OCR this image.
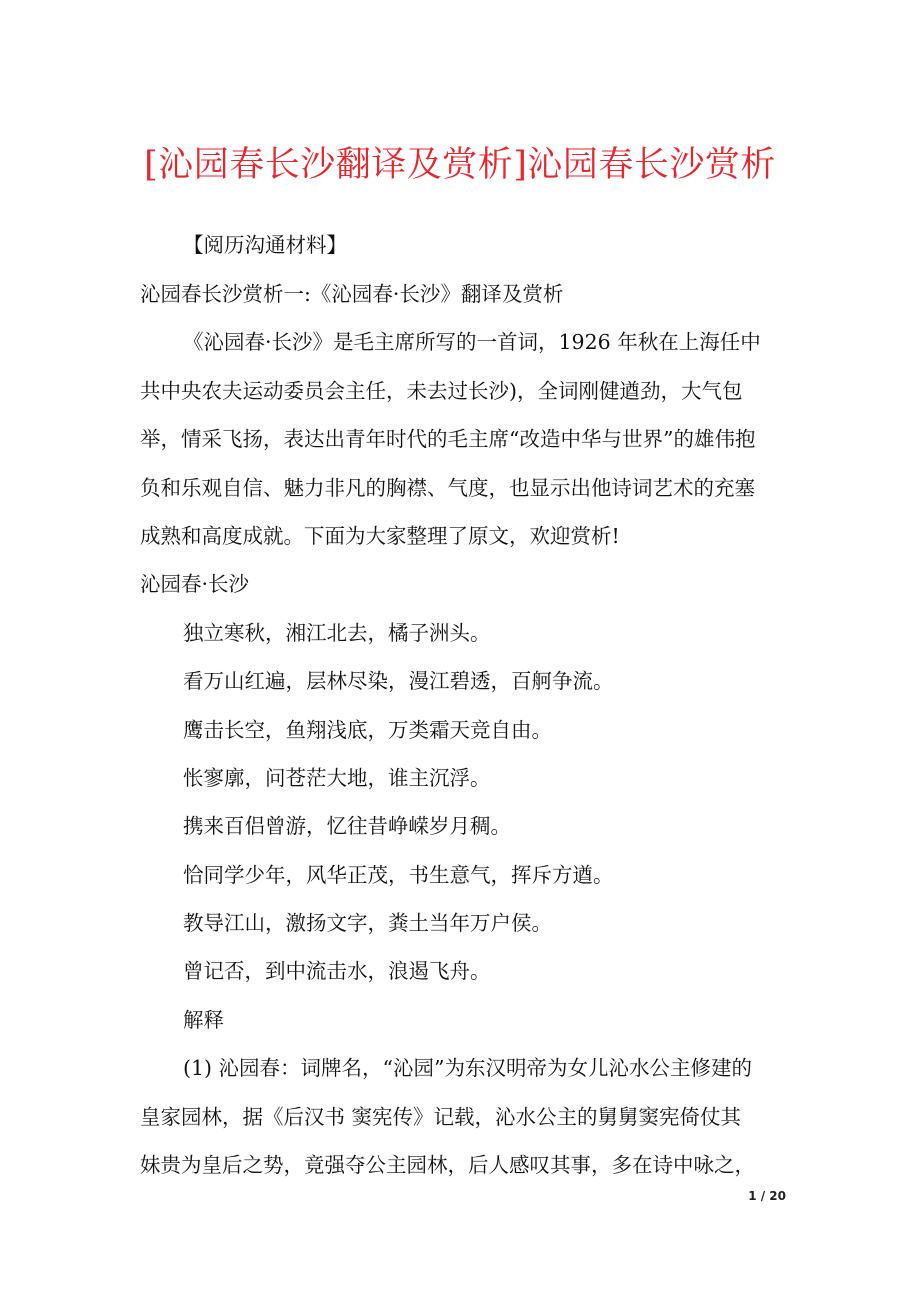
[沁园春长沙翻译及赏析]沁园春长沙赏析
【阅历沟通材料】
沁园春长沙赏析一:《沁园春·长沙》翻译及赏析
《沁园春·长沙》是毛主席所写的一首词，1926 年秋在上海任中
共中央农夫运动委员会主任，未去过长沙)，全词刚健遒劲，大气包
举，情采飞扬，表达出青年时代的毛主席“改造中华与世界”的雄伟抱
负和乐观自信、魅力非凡的胸襟、气度，也显示出他诗词艺术的充塞
成熟和高度成就。下面为大家整理了原文，欢迎赏析!
沁园春·长沙
独立寒秋，湘江北去，橘子洲头。
看万山红遍，层林尽染，漫江碧透，百舸争流。
鹰击长空，鱼翔浅底，万类霜天竞自由。
怅寥廓，问苍茫大地，谁主沉浮。
携来百侣曾游，忆往昔峥嵘岁月稠。
恰同学少年，风华正茂，书生意气，挥斥方遒。
教导江山，激扬文字，粪土当年万户侯。
曾记否，到中流击水，浪遏飞舟。
解释
(1) 沁园春：词牌名，“沁园”为东汉明帝为女儿沁水公主修建的
皇家园林，据《后汉书 窦宪传》记载，沁水公主的舅舅窦宪倚仗其
妹贵为皇后之势，竟强夺公主园林，后人感叹其事，多在诗中咏之，
1 / 20
